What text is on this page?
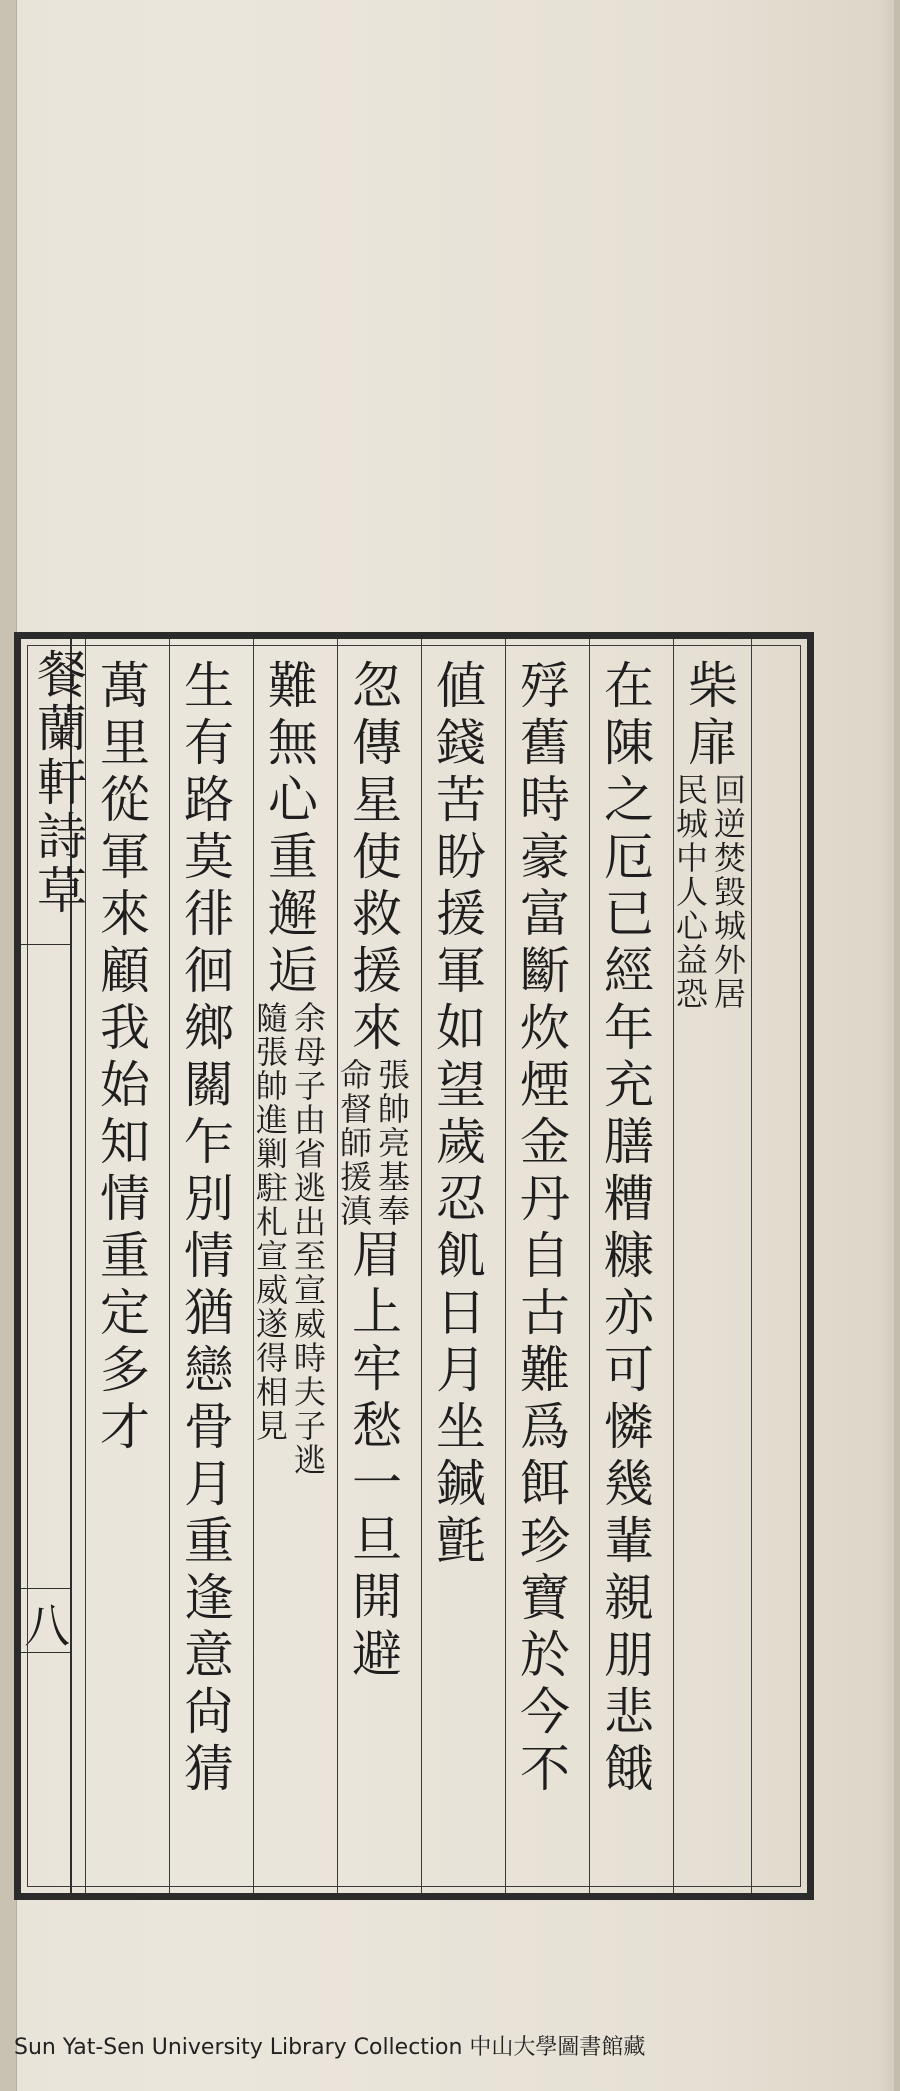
餐蘭軒詩草
八
柴扉
回逆焚毀城外居
民城中人心益恐
在陳之厄已經年充膳糟糠亦可憐幾輩親朋悲餓
殍舊時豪富斷炊煙金丹自古難爲餌珍寶於今不
値錢苦盼援軍如望歲忍飢日月坐鍼氈
忽傳星使救援來
張帥亮基奉
命督師援滇
眉上牢愁一旦開避
難無心重邂逅
余母子由省逃出至宣威時夫子逃
隨張帥進剿駐札宣威遂得相見
生有路莫徘徊鄉關乍別情猶戀骨月重逢意尙猜
萬里從軍來顧我始知情重定多才
Sun Yat-Sen University Library Collection 中山大學圖書館藏
